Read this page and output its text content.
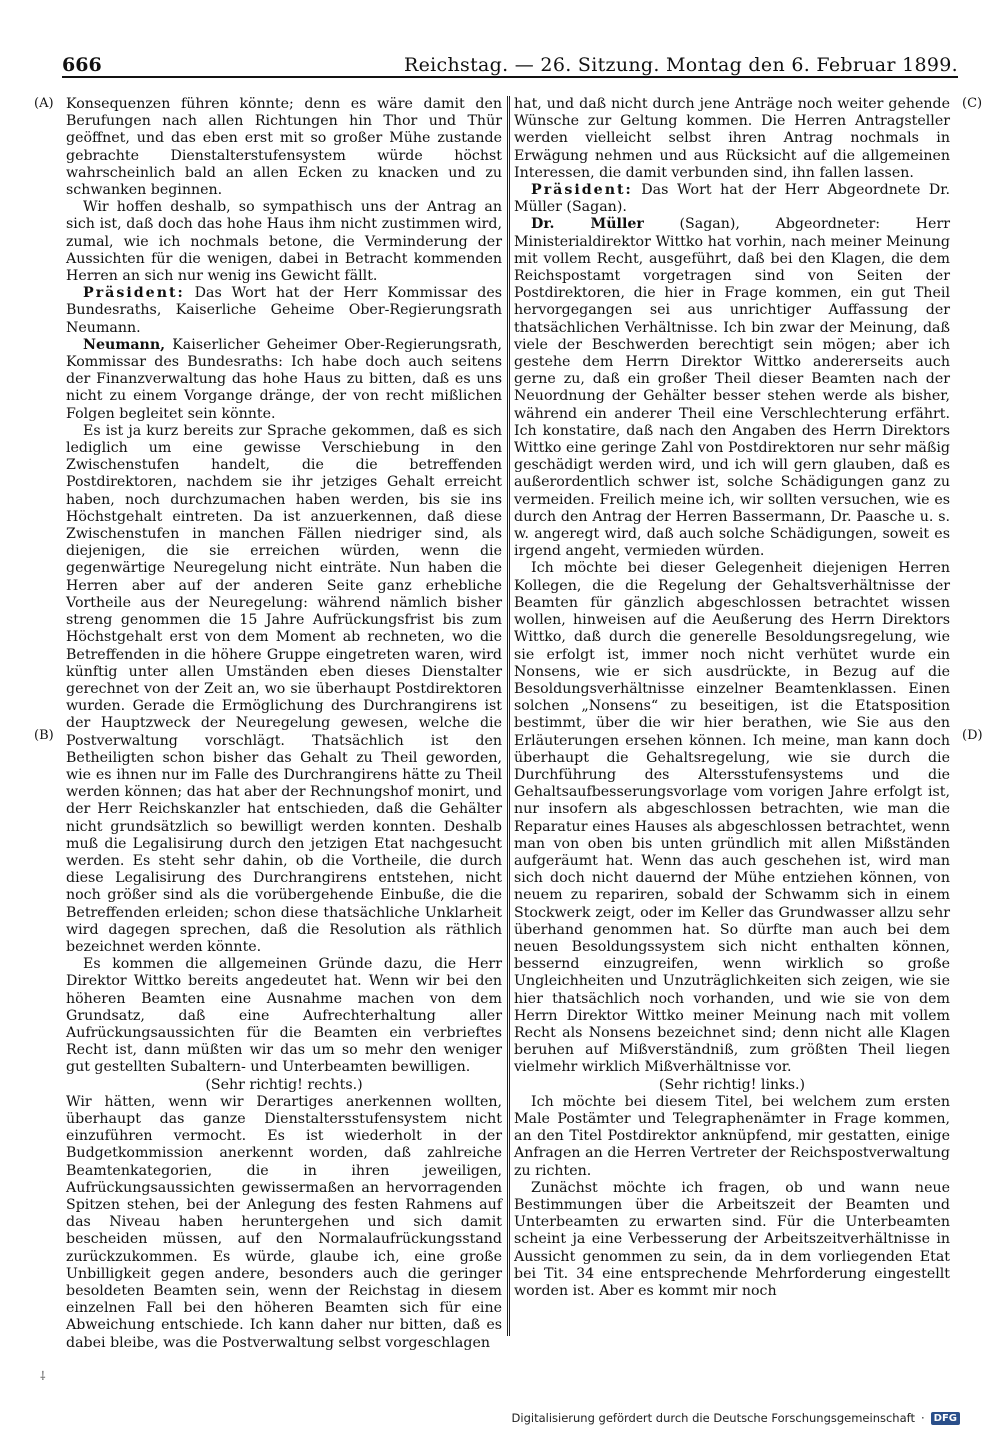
666	Reichstag. — 26. Sitzung. Montag den 6. Februar 1899.
(A)
(B)
(C)
(D)

Konsequenzen führen könnte; denn es wäre damit den Berufungen nach allen Richtungen hin Thor und Thür geöffnet, und das eben erst mit so großer Mühe zustande gebrachte Dienstalterstufensystem würde höchst wahrscheinlich bald an allen Ecken zu knacken und zu schwanken beginnen.

Wir hoffen deshalb, so sympathisch uns der Antrag an sich ist, daß doch das hohe Haus ihm nicht zustimmen wird, zumal, wie ich nochmals betone, die Verminderung der Aussichten für die wenigen, dabei in Betracht kommenden Herren an sich nur wenig ins Gewicht fällt.

Präsident: Das Wort hat der Herr Kommissar des Bundesraths, Kaiserliche Geheime Ober-Regierungsrath Neumann.

Neumann, Kaiserlicher Geheimer Ober-Regierungsrath, Kommissar des Bundesraths: Ich habe doch auch seitens der Finanzverwaltung das hohe Haus zu bitten, daß es uns nicht zu einem Vorgange dränge, der von recht mißlichen Folgen begleitet sein könnte.

Es ist ja kurz bereits zur Sprache gekommen, daß es sich lediglich um eine gewisse Verschiebung in den Zwischenstufen handelt, die die betreffenden Postdirektoren, nachdem sie ihr jetziges Gehalt erreicht haben, noch durchzumachen haben werden, bis sie ins Höchstgehalt eintreten. Da ist anzuerkennen, daß diese Zwischenstufen in manchen Fällen niedriger sind, als diejenigen, die sie erreichen würden, wenn die gegenwärtige Neuregelung nicht einträte. Nun haben die Herren aber auf der anderen Seite ganz erhebliche Vortheile aus der Neuregelung: während nämlich bisher streng genommen die 15 Jahre Aufrückungsfrist bis zum Höchstgehalt erst von dem Moment ab rechneten, wo die Betreffenden in die höhere Gruppe eingetreten waren, wird künftig unter allen Umständen eben dieses Dienstalter gerechnet von der Zeit an, wo sie überhaupt Postdirektoren wurden. Gerade die Ermöglichung des Durchrangirens ist der Hauptzweck der Neuregelung gewesen, welche die Postverwaltung vorschlägt. Thatsächlich ist den Betheiligten schon bisher das Gehalt zu Theil geworden, wie es ihnen nur im Falle des Durchrangirens hätte zu Theil werden können; das hat aber der Rechnungshof monirt, und der Herr Reichskanzler hat entschieden, daß die Gehälter nicht grundsätzlich so bewilligt werden konnten. Deshalb muß die Legalisirung durch den jetzigen Etat nachgesucht werden. Es steht sehr dahin, ob die Vortheile, die durch diese Legalisirung des Durchrangirens entstehen, nicht noch größer sind als die vorübergehende Einbuße, die die Betreffenden erleiden; schon diese thatsächliche Unklarheit wird dagegen sprechen, daß die Resolution als räthlich bezeichnet werden könnte.

Es kommen die allgemeinen Gründe dazu, die Herr Direktor Wittko bereits angedeutet hat. Wenn wir bei den höheren Beamten eine Ausnahme machen von dem Grundsatz, daß eine Aufrechterhaltung aller Aufrückungsaussichten für die Beamten ein verbrieftes Recht ist, dann müßten wir das um so mehr den weniger gut gestellten Subaltern- und Unterbeamten bewilligen.

(Sehr richtig! rechts.)

Wir hätten, wenn wir Derartiges anerkennen wollten, überhaupt das ganze Dienstaltersstufensystem nicht einzuführen vermocht. Es ist wiederholt in der Budgetkommission anerkennt worden, daß zahlreiche Beamtenkategorien, die in ihren jeweiligen, Aufrückungsaussichten gewissermaßen an hervorragenden Spitzen stehen, bei der Anlegung des festen Rahmens auf das Niveau haben heruntergehen und sich damit bescheiden müssen, auf den Normalaufrückungsstand zurückzukommen. Es würde, glaube ich, eine große Unbilligkeit gegen andere, besonders auch die geringer besoldeten Beamten sein, wenn der Reichstag in diesem einzelnen Fall bei den höheren Beamten sich für eine Abweichung entschiede. Ich kann daher nur bitten, daß es dabei bleibe, was die Postverwaltung selbst vorgeschlagen

hat, und daß nicht durch jene Anträge noch weiter gehende Wünsche zur Geltung kommen. Die Herren Antragsteller werden vielleicht selbst ihren Antrag nochmals in Erwägung nehmen und aus Rücksicht auf die allgemeinen Interessen, die damit verbunden sind, ihn fallen lassen.

Präsident: Das Wort hat der Herr Abgeordnete Dr. Müller (Sagan).

Dr. Müller (Sagan), Abgeordneter: Herr Ministerialdirektor Wittko hat vorhin, nach meiner Meinung mit vollem Recht, ausgeführt, daß bei den Klagen, die dem Reichspostamt vorgetragen sind von Seiten der Postdirektoren, die hier in Frage kommen, ein gut Theil hervorgegangen sei aus unrichtiger Auffassung der thatsächlichen Verhältnisse. Ich bin zwar der Meinung, daß viele der Beschwerden berechtigt sein mögen; aber ich gestehe dem Herrn Direktor Wittko andererseits auch gerne zu, daß ein großer Theil dieser Beamten nach der Neuordnung der Gehälter besser stehen werde als bisher, während ein anderer Theil eine Verschlechterung erfährt. Ich konstatire, daß nach den Angaben des Herrn Direktors Wittko eine geringe Zahl von Postdirektoren nur sehr mäßig geschädigt werden wird, und ich will gern glauben, daß es außerordentlich schwer ist, solche Schädigungen ganz zu vermeiden. Freilich meine ich, wir sollten versuchen, wie es durch den Antrag der Herren Bassermann, Dr. Paasche u. s. w. angeregt wird, daß auch solche Schädigungen, soweit es irgend angeht, vermieden würden.

Ich möchte bei dieser Gelegenheit diejenigen Herren Kollegen, die die Regelung der Gehaltsverhältnisse der Beamten für gänzlich abgeschlossen betrachtet wissen wollen, hinweisen auf die Aeußerung des Herrn Direktors Wittko, daß durch die generelle Besoldungsregelung, wie sie erfolgt ist, immer noch nicht verhütet wurde ein Nonsens, wie er sich ausdrückte, in Bezug auf die Besoldungsverhältnisse einzelner Beamtenklassen. Einen solchen „Nonsens“ zu beseitigen, ist die Etatsposition bestimmt, über die wir hier berathen, wie Sie aus den Erläuterungen ersehen können. Ich meine, man kann doch überhaupt die Gehaltsregelung, wie sie durch die Durchführung des Altersstufensystems und die Gehaltsaufbesserungsvorlage vom vorigen Jahre erfolgt ist, nur insofern als abgeschlossen betrachten, wie man die Reparatur eines Hauses als abgeschlossen betrachtet, wenn man von oben bis unten gründlich mit allen Mißständen aufgeräumt hat. Wenn das auch geschehen ist, wird man sich doch nicht dauernd der Mühe entziehen können, von neuem zu repariren, sobald der Schwamm sich in einem Stockwerk zeigt, oder im Keller das Grundwasser allzu sehr überhand genommen hat. So dürfte man auch bei dem neuen Besoldungssystem sich nicht enthalten können, bessernd einzugreifen, wenn wirklich so große Ungleichheiten und Unzuträglichkeiten sich zeigen, wie sie hier thatsächlich noch vorhanden, und wie sie von dem Herrn Direktor Wittko meiner Meinung nach mit vollem Recht als Nonsens bezeichnet sind; denn nicht alle Klagen beruhen auf Mißverständniß, zum größten Theil liegen vielmehr wirklich Mißverhältnisse vor.

(Sehr richtig! links.)

Ich möchte bei diesem Titel, bei welchem zum ersten Male Postämter und Telegraphenämter in Frage kommen, an den Titel Postdirektor anknüpfend, mir gestatten, einige Anfragen an die Herren Vertreter der Reichspostverwaltung zu richten.

Zunächst möchte ich fragen, ob und wann neue Bestimmungen über die Arbeitszeit der Beamten und Unterbeamten zu erwarten sind. Für die Unterbeamten scheint ja eine Verbesserung der Arbeitszeitverhältnisse in Aussicht genommen zu sein, da in dem vorliegenden Etat bei Tit. 34 eine entsprechende Mehrforderung eingestellt worden ist. Aber es kommt mir noch

⸸
Digitalisierung gefördert durch die Deutsche Forschungsgemeinschaft · DFG
